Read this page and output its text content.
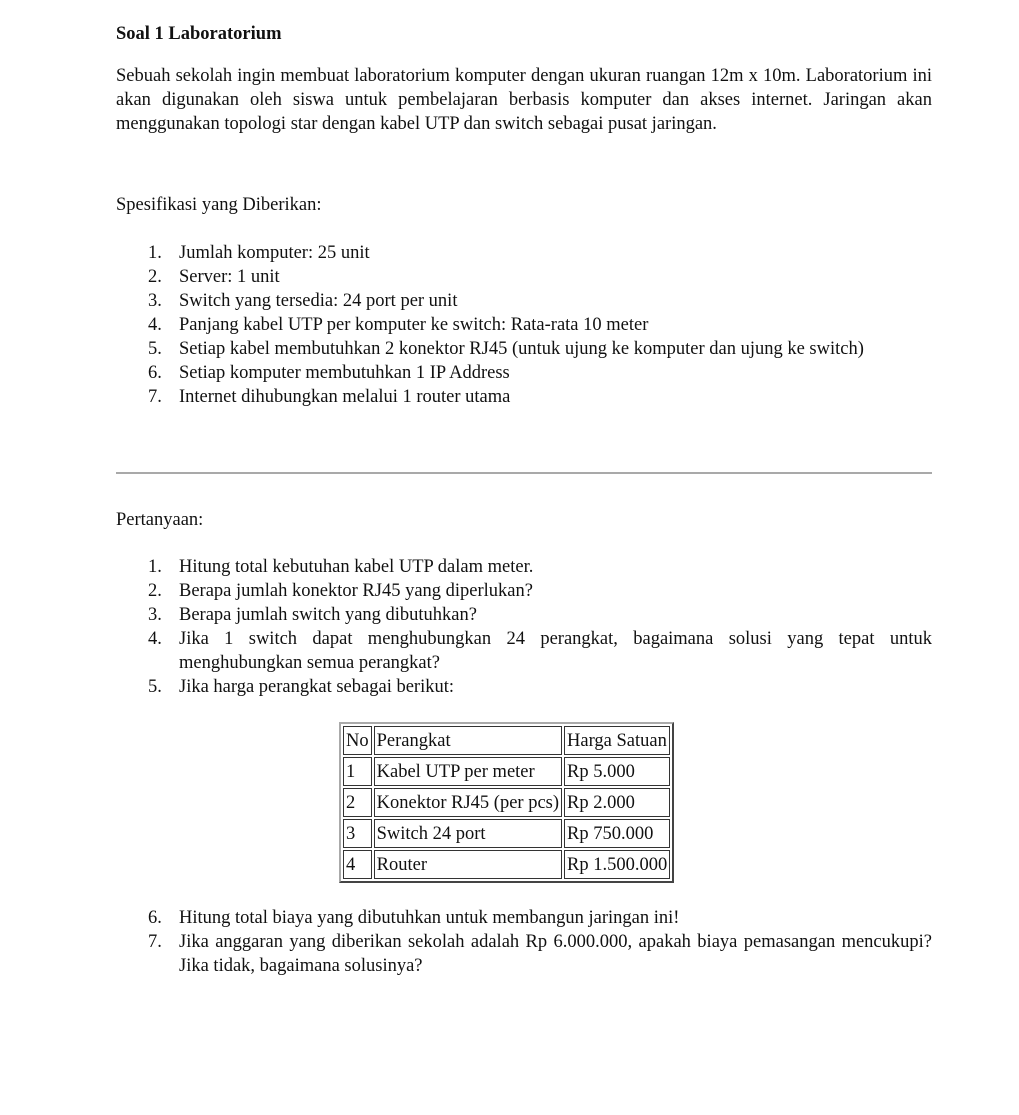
Soal 1 Laboratorium
Sebuah sekolah ingin membuat laboratorium komputer dengan ukuran ruangan 12m x 10m. Laboratorium ini akan digunakan oleh siswa untuk pembelajaran berbasis komputer dan akses internet. Jaringan akan menggunakan topologi star dengan kabel UTP dan switch sebagai pusat jaringan.
Spesifikasi yang Diberikan:
1. Jumlah komputer: 25 unit
2. Server: 1 unit
3. Switch yang tersedia: 24 port per unit
4. Panjang kabel UTP per komputer ke switch: Rata-rata 10 meter
5. Setiap kabel membutuhkan 2 konektor RJ45 (untuk ujung ke komputer dan ujung ke switch)
6. Setiap komputer membutuhkan 1 IP Address
7. Internet dihubungkan melalui 1 router utama
Pertanyaan:
1. Hitung total kebutuhan kabel UTP dalam meter.
2. Berapa jumlah konektor RJ45 yang diperlukan?
3. Berapa jumlah switch yang dibutuhkan?
4. Jika 1 switch dapat menghubungkan 24 perangkat, bagaimana solusi yang tepat untuk menghubungkan semua perangkat?
5. Jika harga perangkat sebagai berikut:
No	Perangkat	Harga Satuan
1	Kabel UTP per meter	Rp 5.000
2	Konektor RJ45 (per pcs)	Rp 2.000
3	Switch 24 port	Rp 750.000
4	Router	Rp 1.500.000
6. Hitung total biaya yang dibutuhkan untuk membangun jaringan ini!
7. Jika anggaran yang diberikan sekolah adalah Rp 6.000.000, apakah biaya pemasangan mencukupi? Jika tidak, bagaimana solusinya?
